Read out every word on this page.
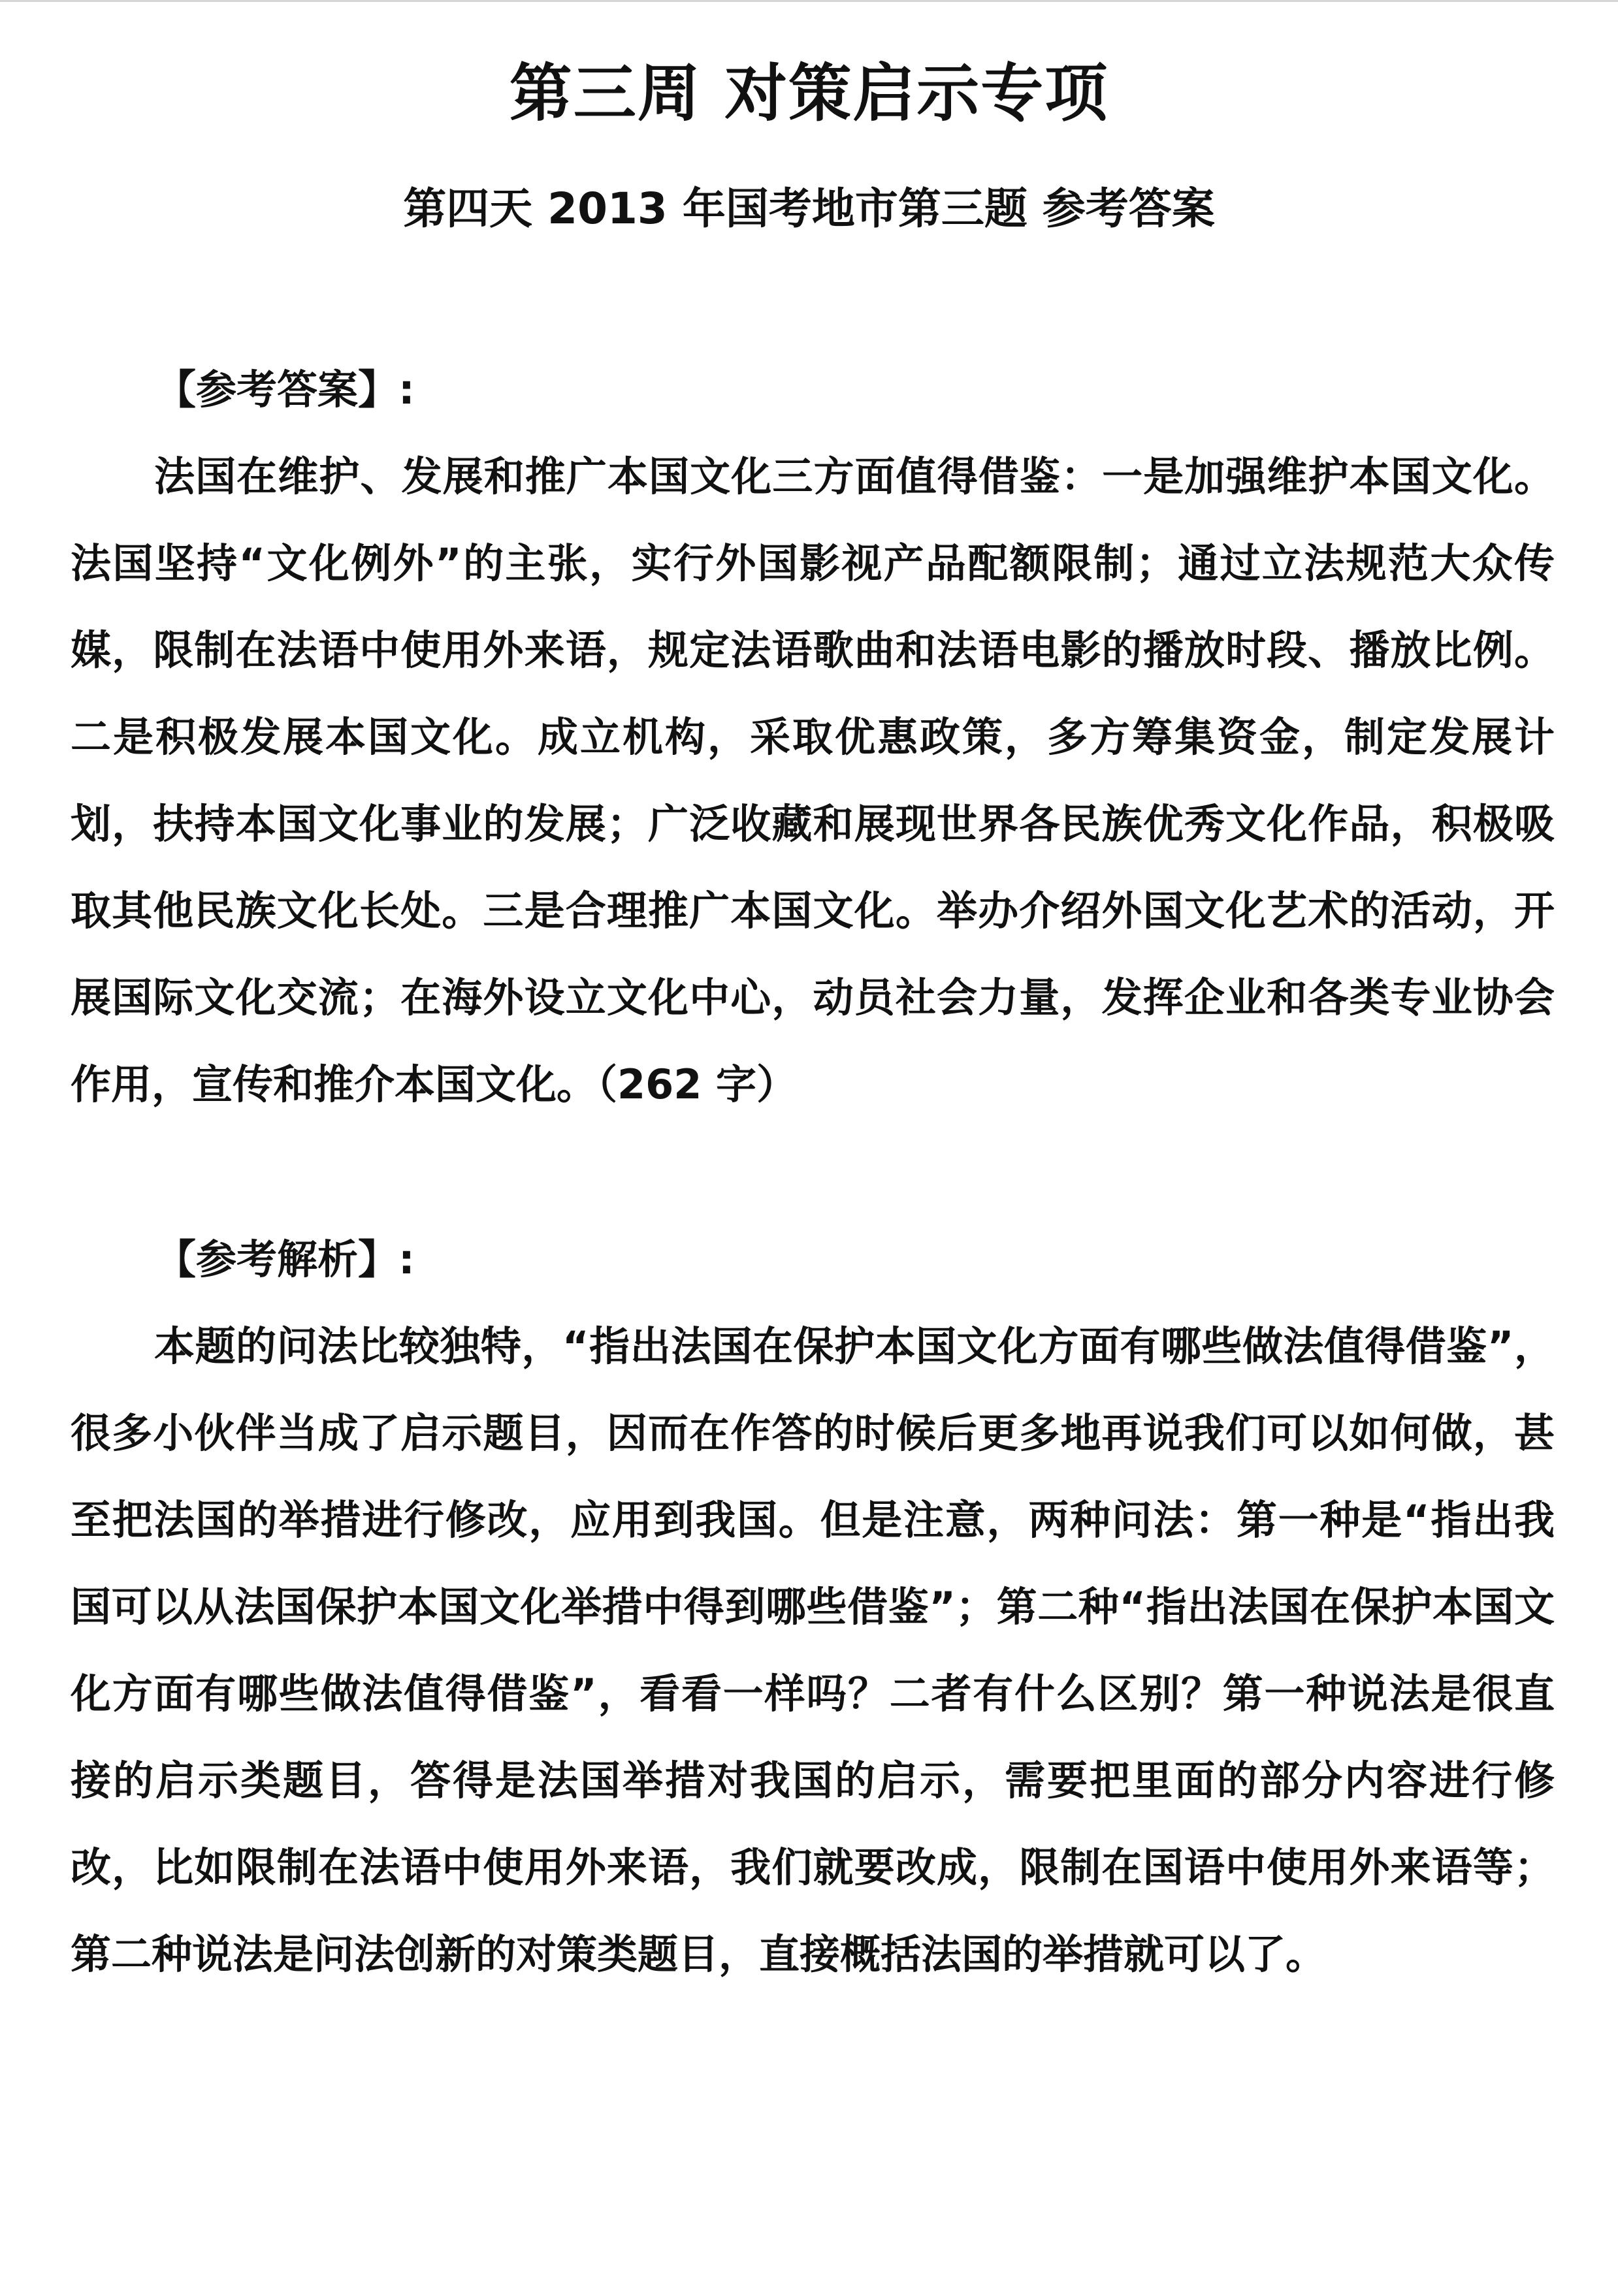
第三周 对策启示专项
第四天 2013 年国考地市第三题 参考答案

【参考答案】:

法国在维护、发展和推广本国文化三方面值得借鉴：一是加强维护本国文化。法国坚持“文化例外”的主张，实行外国影视产品配额限制；通过立法规范大众传媒，限制在法语中使用外来语，规定法语歌曲和法语电影的播放时段、播放比例。二是积极发展本国文化。成立机构，采取优惠政策，多方筹集资金，制定发展计划，扶持本国文化事业的发展；广泛收藏和展现世界各民族优秀文化作品，积极吸取其他民族文化长处。三是合理推广本国文化。举办介绍外国文化艺术的活动，开展国际文化交流；在海外设立文化中心，动员社会力量，发挥企业和各类专业协会作用，宣传和推介本国文化。（262 字）

【参考解析】:

本题的问法比较独特，“指出法国在保护本国文化方面有哪些做法值得借鉴”，很多小伙伴当成了启示题目，因而在作答的时候后更多地再说我们可以如何做，甚至把法国的举措进行修改，应用到我国。但是注意，两种问法：第一种是“指出我国可以从法国保护本国文化举措中得到哪些借鉴”；第二种“指出法国在保护本国文化方面有哪些做法值得借鉴”，看看一样吗？二者有什么区别？第一种说法是很直接的启示类题目，答得是法国举措对我国的启示，需要把里面的部分内容进行修改，比如限制在法语中使用外来语，我们就要改成，限制在国语中使用外来语等；第二种说法是问法创新的对策类题目，直接概括法国的举措就可以了。
